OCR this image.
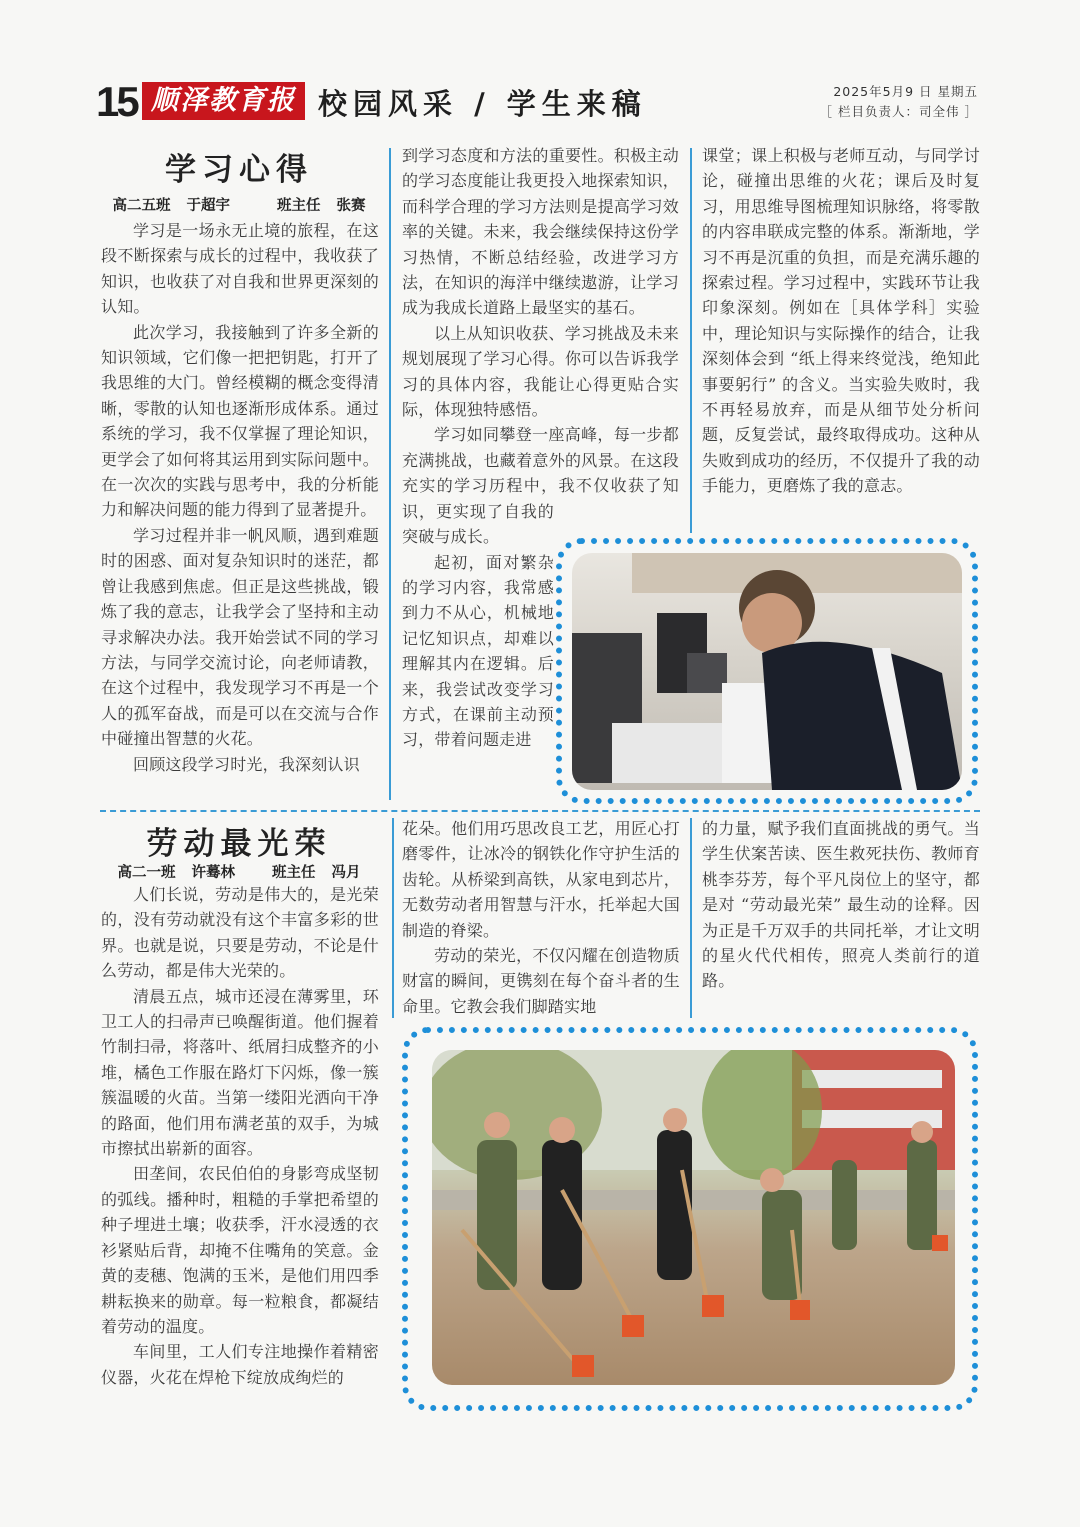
15 顺泽教育报 校园风采 / 学生来稿	2025年5月9 日 星期五
［ 栏目负责人：司全伟 ］
学习心得
高二五班 于超宇	班主任 张赛

学习是一场永无止境的旅程，在这段不断探索与成长的过程中，我收获了知识，也收获了对自我和世界更深刻的认知。

此次学习，我接触到了许多全新的知识领域，它们像一把把钥匙，打开了我思维的大门。曾经模糊的概念变得清晰，零散的认知也逐渐形成体系。通过系统的学习，我不仅掌握了理论知识，更学会了如何将其运用到实际问题中。在一次次的实践与思考中，我的分析能力和解决问题的能力得到了显著提升。

学习过程并非一帆风顺，遇到难题时的困惑、面对复杂知识时的迷茫，都曾让我感到焦虑。但正是这些挑战，锻炼了我的意志，让我学会了坚持和主动寻求解决办法。我开始尝试不同的学习方法，与同学交流讨论，向老师请教，在这个过程中，我发现学习不再是一个人的孤军奋战，而是可以在交流与合作中碰撞出智慧的火花。

回顾这段学习时光，我深刻认识

到学习态度和方法的重要性。积极主动的学习态度能让我更投入地探索知识，而科学合理的学习方法则是提高学习效率的关键。未来，我会继续保持这份学习热情，不断总结经验，改进学习方法，在知识的海洋中继续遨游，让学习成为我成长道路上最坚实的基石。

以上从知识收获、学习挑战及未来规划展现了学习心得。你可以告诉我学习的具体内容，我能让心得更贴合实际，体现独特感悟。

学习如同攀登一座高峰，每一步都充满挑战，也藏着意外的风景。在这段充实的学习历程中，我不仅收获了知识，更实现了自我的突破与成长。

起初，面对繁杂的学习内容，我常感到力不从心，机械地记忆知识点，却难以理解其内在逻辑。后来，我尝试改变学习方式，在课前主动预习，带着问题走进

课堂；课上积极与老师互动，与同学讨论，碰撞出思维的火花；课后及时复习，用思维导图梳理知识脉络，将零散的内容串联成完整的体系。渐渐地，学习不再是沉重的负担，而是充满乐趣的探索过程。学习过程中，实践环节让我印象深刻。例如在［具体学科］实验中，理论知识与实际操作的结合，让我深刻体会到 “纸上得来终觉浅，绝知此事要躬行” 的含义。当实验失败时，我不再轻易放弃，而是从细节处分析问题，反复尝试，最终取得成功。这种从失败到成功的经历，不仅提升了我的动手能力，更磨炼了我的意志。

劳动最光荣
高二一班 许蓦林	班主任 冯月

人们长说，劳动是伟大的，是光荣的，没有劳动就没有这个丰富多彩的世界。也就是说，只要是劳动，不论是什么劳动，都是伟大光荣的。

清晨五点，城市还浸在薄雾里，环卫工人的扫帚声已唤醒街道。他们握着竹制扫帚，将落叶、纸屑扫成整齐的小堆，橘色工作服在路灯下闪烁，像一簇簇温暖的火苗。当第一缕阳光洒向干净的路面，他们用布满老茧的双手，为城市擦拭出崭新的面容。

田垄间，农民伯伯的身影弯成坚韧的弧线。播种时，粗糙的手掌把希望的种子埋进土壤；收获季，汗水浸透的衣衫紧贴后背，却掩不住嘴角的笑意。金黄的麦穗、饱满的玉米，是他们用四季耕耘换来的勋章。每一粒粮食，都凝结着劳动的温度。

车间里，工人们专注地操作着精密仪器，火花在焊枪下绽放成绚烂的

花朵。他们用巧思改良工艺，用匠心打磨零件，让冰冷的钢铁化作守护生活的齿轮。从桥梁到高铁，从家电到芯片，无数劳动者用智慧与汗水，托举起大国制造的脊梁。

劳动的荣光，不仅闪耀在创造物质财富的瞬间，更镌刻在每个奋斗者的生命里。它教会我们脚踏实地

的力量，赋予我们直面挑战的勇气。当学生伏案苦读、医生救死扶伤、教师育桃李芬芳，每个平凡岗位上的坚守，都是对 “劳动最光荣” 最生动的诠释。因为正是千万双手的共同托举，才让文明的星火代代相传，照亮人类前行的道路。
